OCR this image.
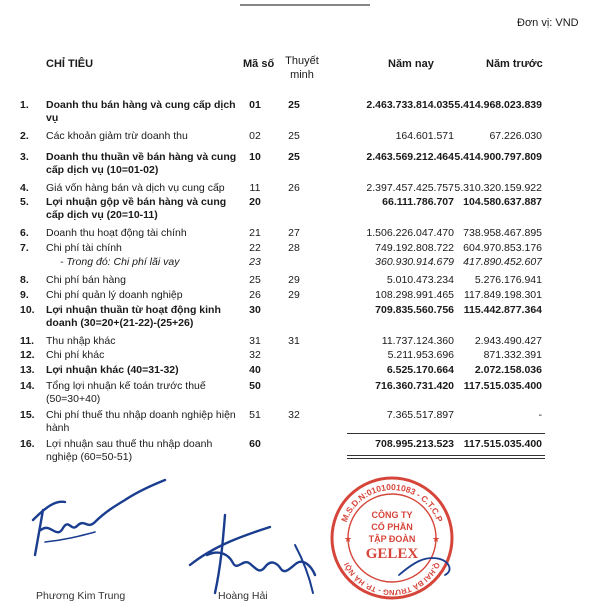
Đơn vị: VND
CHỈ TIÊU	Mã số Thuyết minh
Năm nay	Năm trước
1. Doanh thu bán hàng và cung cấp dịch vụ
01	25	2.463.733.814.035 5.414.968.023.839
2. Các khoản giảm trừ doanh thu	02	25	164.601.571	67.226.030
3. Doanh thu thuần về bán hàng và cung cấp dịch vụ (10=01-02)
10	25	2.463.569.212.464 5.414.900.797.809
4. Giá vốn hàng bán và dịch vụ cung cấp	11	26	2.397.457.425.757 5.310.320.159.922
5. Lợi nhuận gộp về bán hàng và cung cấp dịch vụ (20=10-11)
20	66.111.786.707 104.580.637.887
6. Doanh thu hoạt động tài chính	21	27	1.506.226.047.470 738.958.467.895
7. Chi phí tài chính	22	28	749.192.808.722 604.970.853.176
- Trong đó: Chi phí lãi vay	23	360.930.914.679 417.890.452.607
8. Chi phí bán hàng	25	29	5.010.473.234	5.276.176.941
9. Chi phí quản lý doanh nghiệp	26	29	108.298.991.465 117.849.198.301
10. Lợi nhuận thuần từ hoạt động kinh doanh (30=20+(21-22)-(25+26)
30	709.835.560.756 115.442.877.364
11. Thu nhập khác	31	31	11.737.124.360	2.943.490.427
12. Chi phí khác	32	5.211.953.696	871.332.391
13. Lợi nhuận khác (40=31-32)	40	6.525.170.664	2.072.158.036
14. Tổng lợi nhuận kế toán trước thuế (50=30+40)
50	716.360.731.420 117.515.035.400
15. Chi phí thuế thu nhập doanh nghiệp hiện hành
51	32	7.365.517.897	-
16. Lợi nhuận sau thuế thu nhập doanh nghiệp (60=50-51)
60	708.995.213.523 117.515.035.400
M.S.D.N:0101001083 - C.T.C.P
Q.HAI BÀ TRƯNG - TP. HÀ NỘI
CÔNG TY
CỔ PHẦN
TẬP ĐOÀN
GELEX
★	★
Phương Kim Trung	Hoàng Hải
